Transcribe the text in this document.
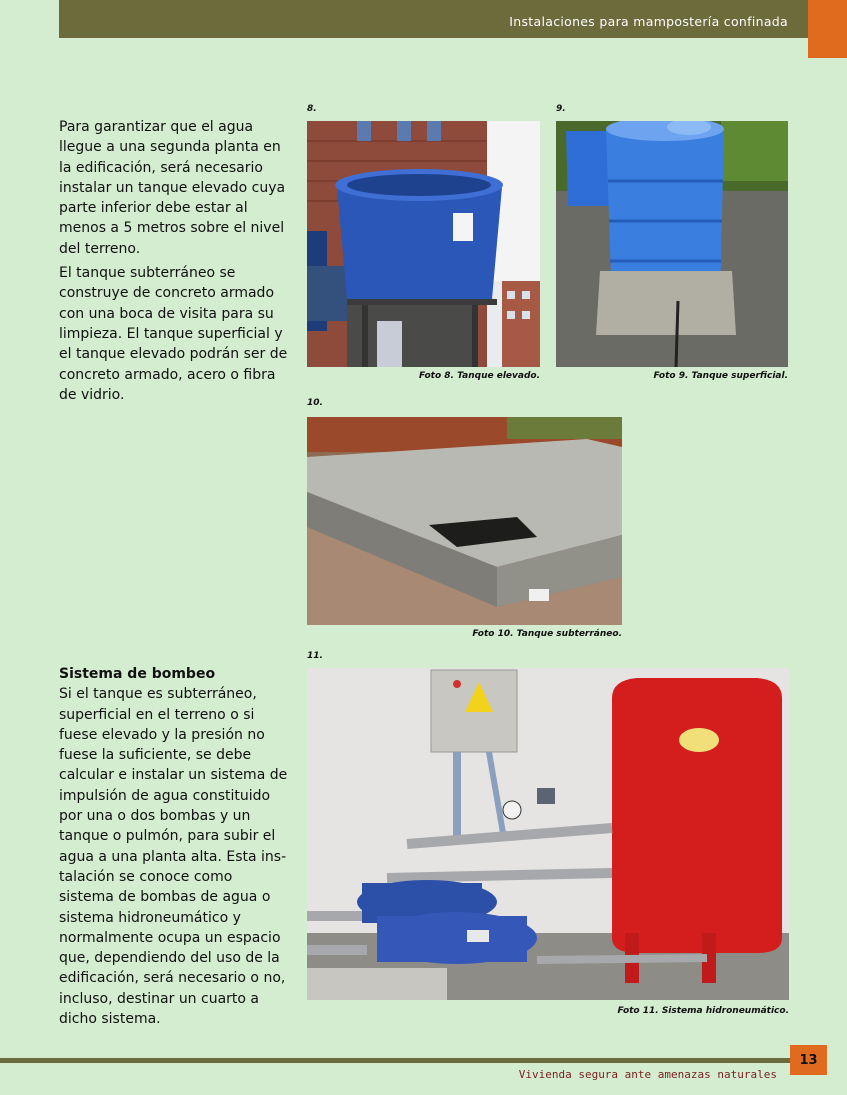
Instalaciones para mampostería confinada

Para garantizar que el agua llegue a una segunda planta en la edificación, será necesario instalar un tanque elevado cuya parte inferior debe estar al menos a 5 metros sobre el nivel del terreno.

El tanque subterráneo se construye de concreto armado con una boca de visita para su limpieza. El tanque superficial y el tanque elevado podrán ser de concreto armado, acero o fibra de vidrio.

8.
Foto 8. Tanque elevado.
9.
Foto 9. Tanque superficial.
10.
Foto 10. Tanque subterráneo.

Sistema de bombeo

Si el tanque es subterráneo, superficial en el terreno o si fuese elevado y la presión no fuese la suficiente, se debe calcular e instalar un sistema de impulsión de agua constituido por una o dos bombas y un tanque o pulmón, para subir el agua a una planta alta. Esta instalación se conoce como sistema de bombas de agua o sistema hidroneumático y normalmente ocupa un espacio que, dependiendo del uso de la edificación, será necesario o no, incluso, destinar un cuarto a dicho sistema.

11.
Foto 11. Sistema hidroneumático.
Vivienda segura ante amenazas naturales
13
